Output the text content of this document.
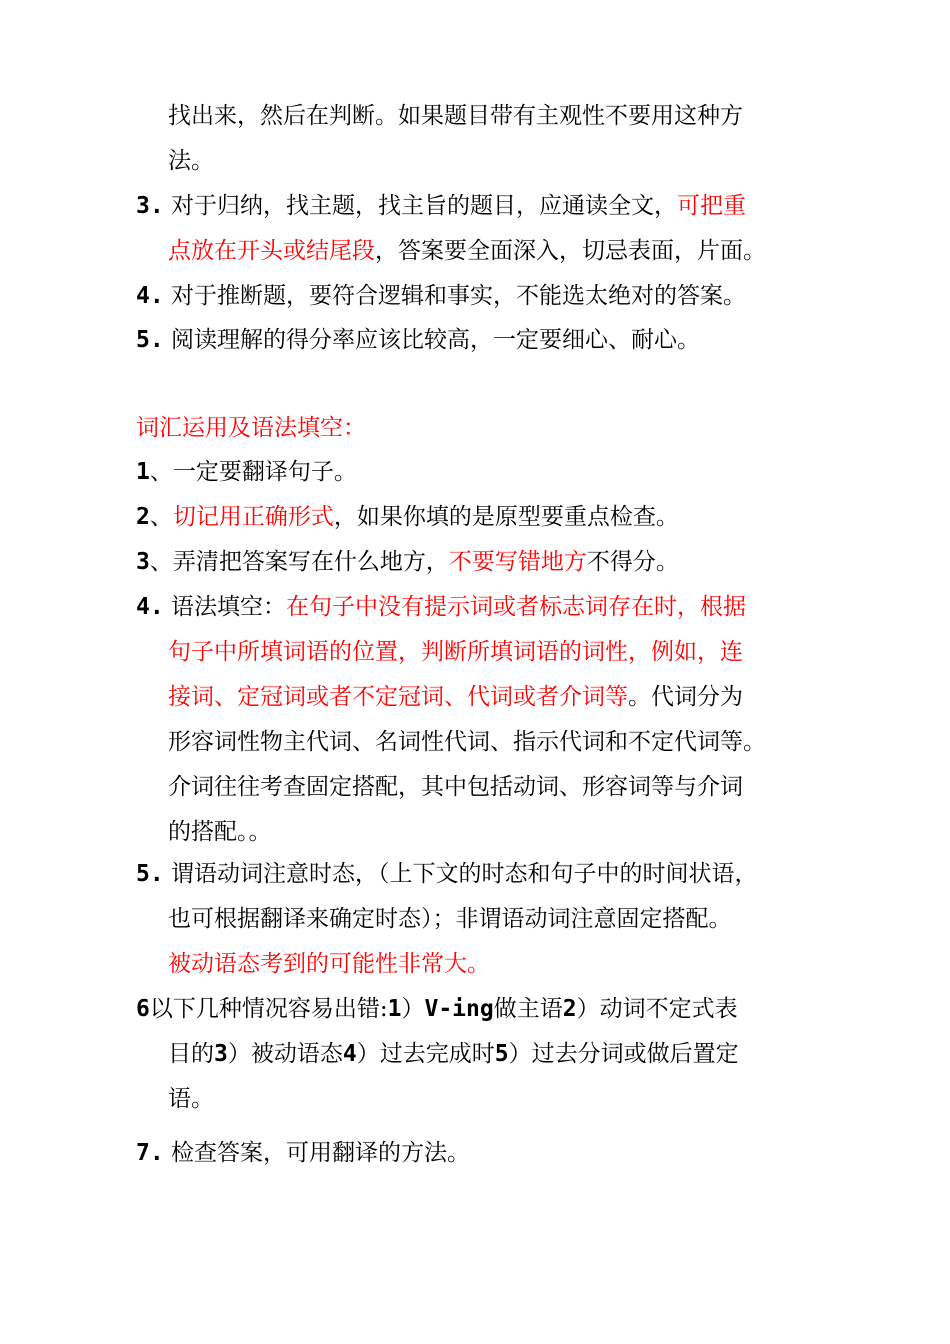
找出来，然后在判断。如果题目带有主观性不要用这种方
法。
3. 对于归纳，找主题，找主旨的题目，应通读全文，可把重
点放在开头或结尾段，答案要全面深入，切忌表面，片面。
4. 对于推断题，要符合逻辑和事实，不能选太绝对的答案。
5. 阅读理解的得分率应该比较高，一定要细心、耐心。
词汇运用及语法填空：
1、一定要翻译句子。
2、切记用正确形式，如果你填的是原型要重点检查。
3、弄清把答案写在什么地方，不要写错地方不得分。
4. 语法填空：在句子中没有提示词或者标志词存在时，根据
句子中所填词语的位置，判断所填词语的词性，例如，连
接词、定冠词或者不定冠词、代词或者介词等。代词分为
形容词性物主代词、名词性代词、指示代词和不定代词等。
介词往往考查固定搭配，其中包括动词、形容词等与介词
的搭配。。
5. 谓语动词注意时态，（上下文的时态和句子中的时间状语，
也可根据翻译来确定时态）；非谓语动词注意固定搭配。
被动语态考到的可能性非常大。
6以下几种情况容易出错:1）V-ing做主语2）动词不定式表
目的3）被动语态4）过去完成时5）过去分词或做后置定
语。
7. 检查答案，可用翻译的方法。
